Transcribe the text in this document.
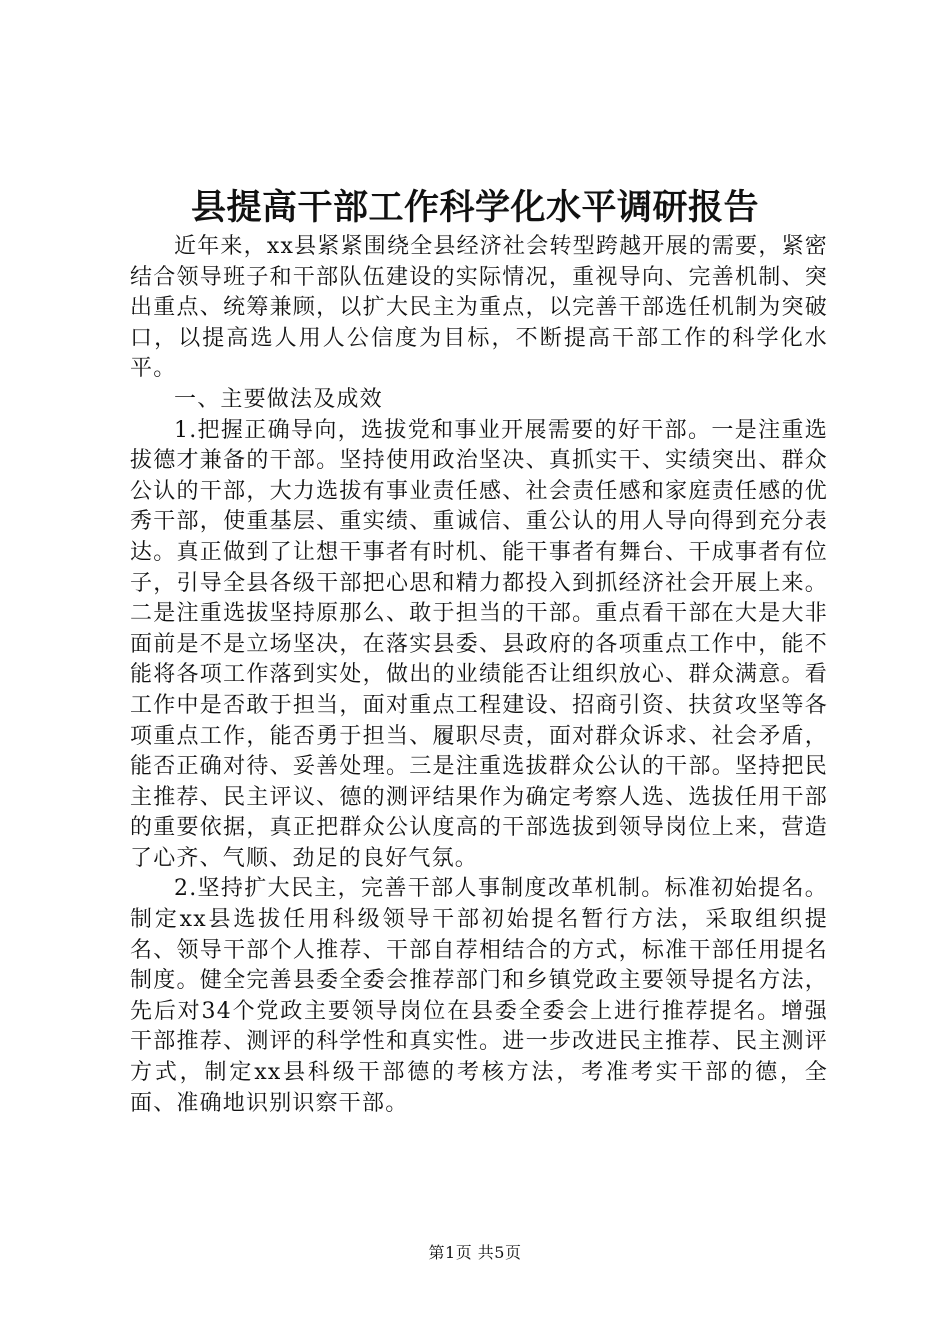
县提高干部工作科学化水平调研报告

近年来，xx县紧紧围绕全县经济社会转型跨越开展的需要，紧密结合领导班子和干部队伍建设的实际情况，重视导向、完善机制、突出重点、统筹兼顾，以扩大民主为重点，以完善干部选任机制为突破口，以提高选人用人公信度为目标，不断提高干部工作的科学化水平。

一、主要做法及成效

1.把握正确导向，选拔党和事业开展需要的好干部。一是注重选拔德才兼备的干部。坚持使用政治坚决、真抓实干、实绩突出、群众公认的干部，大力选拔有事业责任感、社会责任感和家庭责任感的优秀干部，使重基层、重实绩、重诚信、重公认的用人导向得到充分表达。真正做到了让想干事者有时机、能干事者有舞台、干成事者有位子，引导全县各级干部把心思和精力都投入到抓经济社会开展上来。二是注重选拔坚持原那么、敢于担当的干部。重点看干部在大是大非面前是不是立场坚决，在落实县委、县政府的各项重点工作中，能不能将各项工作落到实处，做出的业绩能否让组织放心、群众满意。看工作中是否敢于担当，面对重点工程建设、招商引资、扶贫攻坚等各项重点工作，能否勇于担当、履职尽责，面对群众诉求、社会矛盾，能否正确对待、妥善处理。三是注重选拔群众公认的干部。坚持把民主推荐、民主评议、德的测评结果作为确定考察人选、选拔任用干部的重要依据，真正把群众公认度高的干部选拔到领导岗位上来，营造了心齐、气顺、劲足的良好气氛。

2.坚持扩大民主，完善干部人事制度改革机制。标准初始提名。制定xx县选拔任用科级领导干部初始提名暂行方法，采取组织提名、领导干部个人推荐、干部自荐相结合的方式，标准干部任用提名制度。健全完善县委全委会推荐部门和乡镇党政主要领导提名方法，先后对34个党政主要领导岗位在县委全委会上进行推荐提名。增强干部推荐、测评的科学性和真实性。进一步改进民主推荐、民主测评方式，制定xx县科级干部德的考核方法，考准考实干部的德，全面、准确地识别识察干部。

第1页 共5页
